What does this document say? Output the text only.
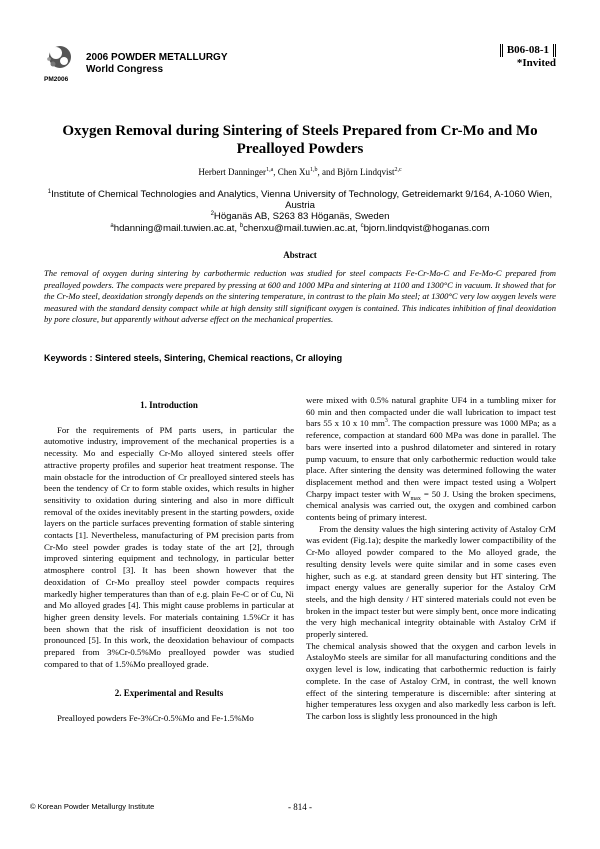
PM2006
2006 POWDER METALLURGY
World Congress
B06-08-1
*Invited
Oxygen Removal during Sintering of Steels Prepared from Cr-Mo and Mo Prealloyed Powders
Herbert Danninger$^{1,a}$, Chen Xu$^{1,b}$, and Björn Lindqvist$^{2,c}$
$^1$Institute of Chemical Technologies and Analytics, Vienna University of Technology, Getreidemarkt 9/164, A-1060 Wien, Austria
$^2$Höganäs AB, S263 83 Höganäs, Sweden
$^a$hdanning@mail.tuwien.ac.at, $^b$chenxu@mail.tuwien.ac.at, $^c$bjorn.lindqvist@hoganas.com
Abstract
The removal of oxygen during sintering by carbothermic reduction was studied for steel compacts Fe-Cr-Mo-C and Fe-Mo-C prepared from prealloyed powders. The compacts were prepared by pressing at 600 and 1000 MPa and sintering at 1100 and 1300°C in vacuum. It showed that for the Cr-Mo steel, deoxidation strongly depends on the sintering temperature, in contrast to the plain Mo steel; at 1300°C very low oxygen levels were measured with the standard density compact while at high density still significant oxygen is contained. This indicates inhibition of final deoxidation by pore closure, but apparently without adverse effect on the mechanical properties.
Keywords : Sintered steels, Sintering, Chemical reactions, Cr alloying
1. Introduction

For the requirements of PM parts users, in particular the automotive industry, improvement of the mechanical properties is a necessity. Mo and especially Cr-Mo alloyed sintered steels offer attractive property profiles and superior heat treatment response. The main obstacle for the introduction of Cr prealloyed sintered steels has been the tendency of Cr to form stable oxides, which results in higher sensitivity to oxidation during sintering and also in more difficult removal of the oxides inevitably present in the starting powders, oxide layers on the particle surfaces preventing formation of stable sintering contacts [1]. Nevertheless, manufacturing of PM precision parts from Cr-Mo steel powder grades is today state of the art [2], through improved sintering equipment and technology, in particular better atmosphere control [3]. It has been shown however that the deoxidation of Cr-Mo prealloy steel powder compacts requires markedly higher temperatures than than of e.g. plain Fe-C or of Cu, Ni and Mo alloyed grades [4]. This might cause problems in particular at higher green density levels. For materials containing 1.5%Cr it has been shown that the risk of insufficient deoxidation is not too pronounced [5]. In this work, the deoxidation behaviour of compacts prepared from 3%Cr-0.5%Mo prealloyed powder was studied compared to that of 1.5%Mo prealloyed grade.

2. Experimental and Results

Prealloyed powders Fe-3%Cr-0.5%Mo and Fe-1.5%Mo

were mixed with 0.5% natural graphite UF4 in a tumbling mixer for 60 min and then compacted under die wall lubrication to impact test bars 55 x 10 x 10 $mm^3$. The compaction pressure was 1000 MPa; as a reference, compaction at standard 600 MPa was done in parallel. The bars were inserted into a pushrod dilatometer and sintered in rotary pump vacuum, to ensure that only carbothermic reduction would take place. After sintering the density was determined following the water displacement method and then were impact tested using a Wolpert Charpy impact tester with $W_{max} = 50$ J. Using the broken specimens, chemical analysis was carried out, the oxygen and combined carbon contents being of primary interest.

From the density values the high sintering activity of Astaloy CrM was evident (Fig.1a); despite the markedly lower compactibility of the Cr-Mo alloyed powder compared to the Mo alloyed grade, the resulting density levels were quite similar and in some cases even higher, such as e.g. at standard green density but HT sintering. The impact energy values are generally superior for the Astaloy CrM steels, and the high density / HT sintered materials could not even be broken in the impact tester but were simply bent, once more indicating the very high mechanical integrity obtainable with Astaloy CrM if properly sintered.

The chemical analysis showed that the oxygen and carbon levels in AstaloyMo steels are similar for all manufacturing conditions and the oxygen level is low, indicating that carbothermic reduction is fairly complete. In the case of Astaloy CrM, in contrast, the well known effect of the sintering temperature is discernible: after sintering at higher temperatures less oxygen and also markedly less carbon is left. The carbon loss is slightly less pronounced in the high

© Korean Powder Metallurgy Institute	- 814 -
